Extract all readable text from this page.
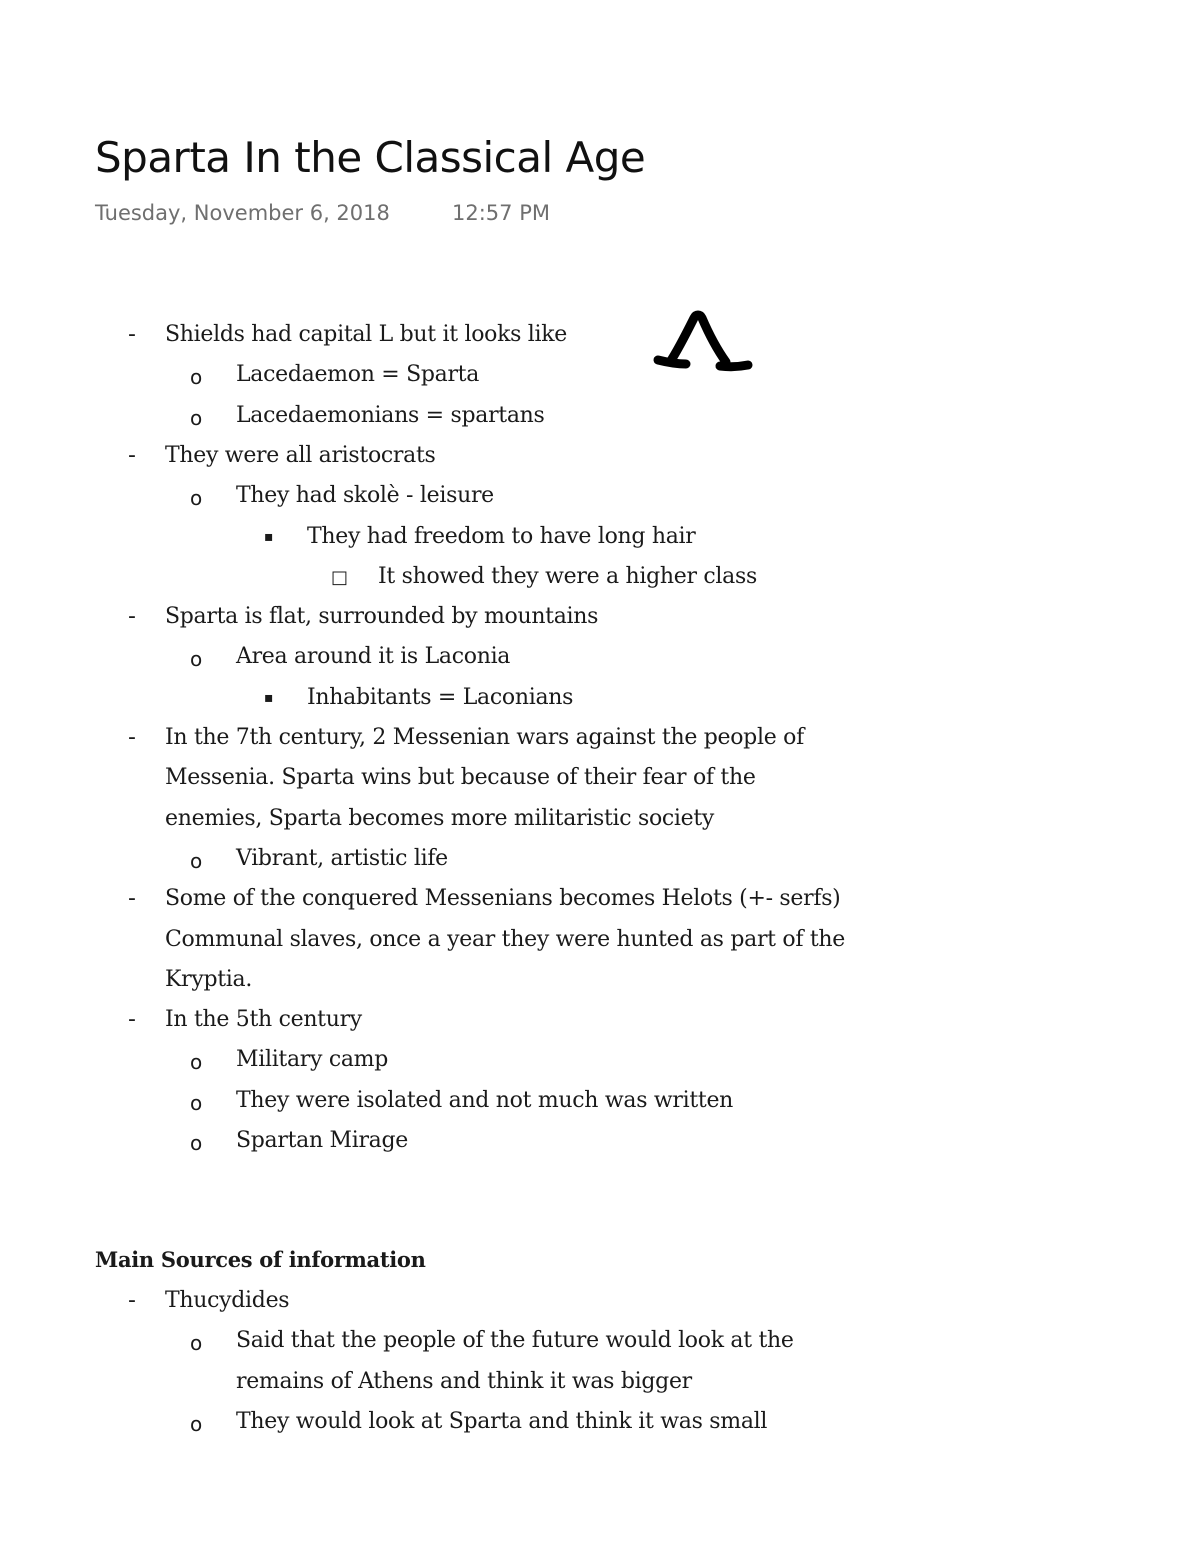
Sparta In the Classical Age
Tuesday, November 6, 2018	12:57 PM
- Shields had capital L but it looks like
o Lacedaemon = Sparta
o Lacedaemonians = spartans
- They were all aristocrats
o They had skolè - leisure
▪ They had freedom to have long hair
□ It showed they were a higher class
- Sparta is flat, surrounded by mountains
o Area around it is Laconia
▪ Inhabitants = Laconians
- In the 7th century, 2 Messenian wars against the people of
Messenia. Sparta wins but because of their fear of the
enemies, Sparta becomes more militaristic society
o Vibrant, artistic life
- Some of the conquered Messenians becomes Helots (+- serfs)
Communal slaves, once a year they were hunted as part of the
Kryptia.
- In the 5th century
o Military camp
o They were isolated and not much was written
o Spartan Mirage
Main Sources of information
- Thucydides
o Said that the people of the future would look at the
remains of Athens and think it was bigger
o They would look at Sparta and think it was small
